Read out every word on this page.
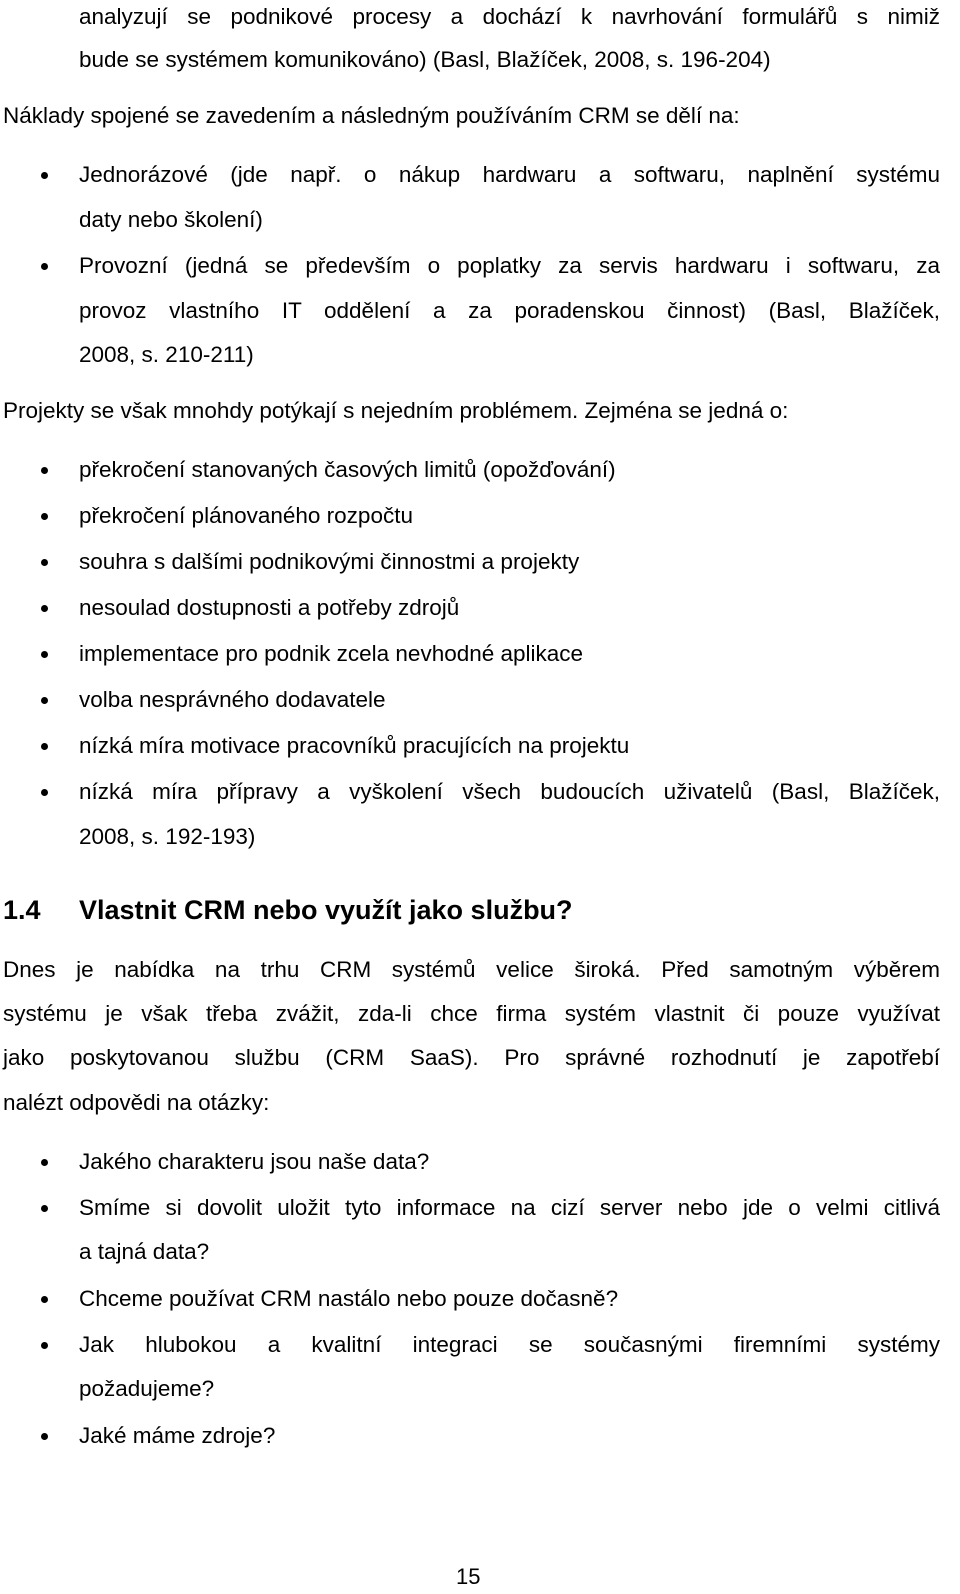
analyzují se podnikové procesy a dochází k navrhování formulářů s nimiž
bude se systémem komunikováno) (Basl, Blažíček, 2008, s. 196-204)
Náklady spojené se zavedením a následným používáním CRM se dělí na:
Jednorázové (jde např. o nákup hardwaru a softwaru, naplnění systému
daty nebo školení)
Provozní (jedná se především o poplatky za servis hardwaru i softwaru, za
provoz vlastního IT oddělení a za poradenskou činnost) (Basl, Blažíček,
2008, s. 210-211)
Projekty se však mnohdy potýkají s nejedním problémem. Zejména se jedná o:
překročení stanovaných časových limitů (opožďování)
překročení plánovaného rozpočtu
souhra s dalšími podnikovými činnostmi a projekty
nesoulad dostupnosti a potřeby zdrojů
implementace pro podnik zcela nevhodné aplikace
volba nesprávného dodavatele
nízká míra motivace pracovníků pracujících na projektu
nízká míra přípravy a vyškolení všech budoucích uživatelů (Basl, Blažíček,
2008, s. 192-193)
1.4 Vlastnit CRM nebo využít jako službu?
Dnes je nabídka na trhu CRM systémů velice široká. Před samotným výběrem
systému je však třeba zvážit, zda-li chce firma systém vlastnit či pouze využívat
jako poskytovanou službu (CRM SaaS). Pro správné rozhodnutí je zapotřebí
nalézt odpovědi na otázky:
Jakého charakteru jsou naše data?
Smíme si dovolit uložit tyto informace na cizí server nebo jde o velmi citlivá
a tajná data?
Chceme používat CRM nastálo nebo pouze dočasně?
Jak hlubokou a kvalitní integraci se současnými firemními systémy
požadujeme?
Jaké máme zdroje?
15
